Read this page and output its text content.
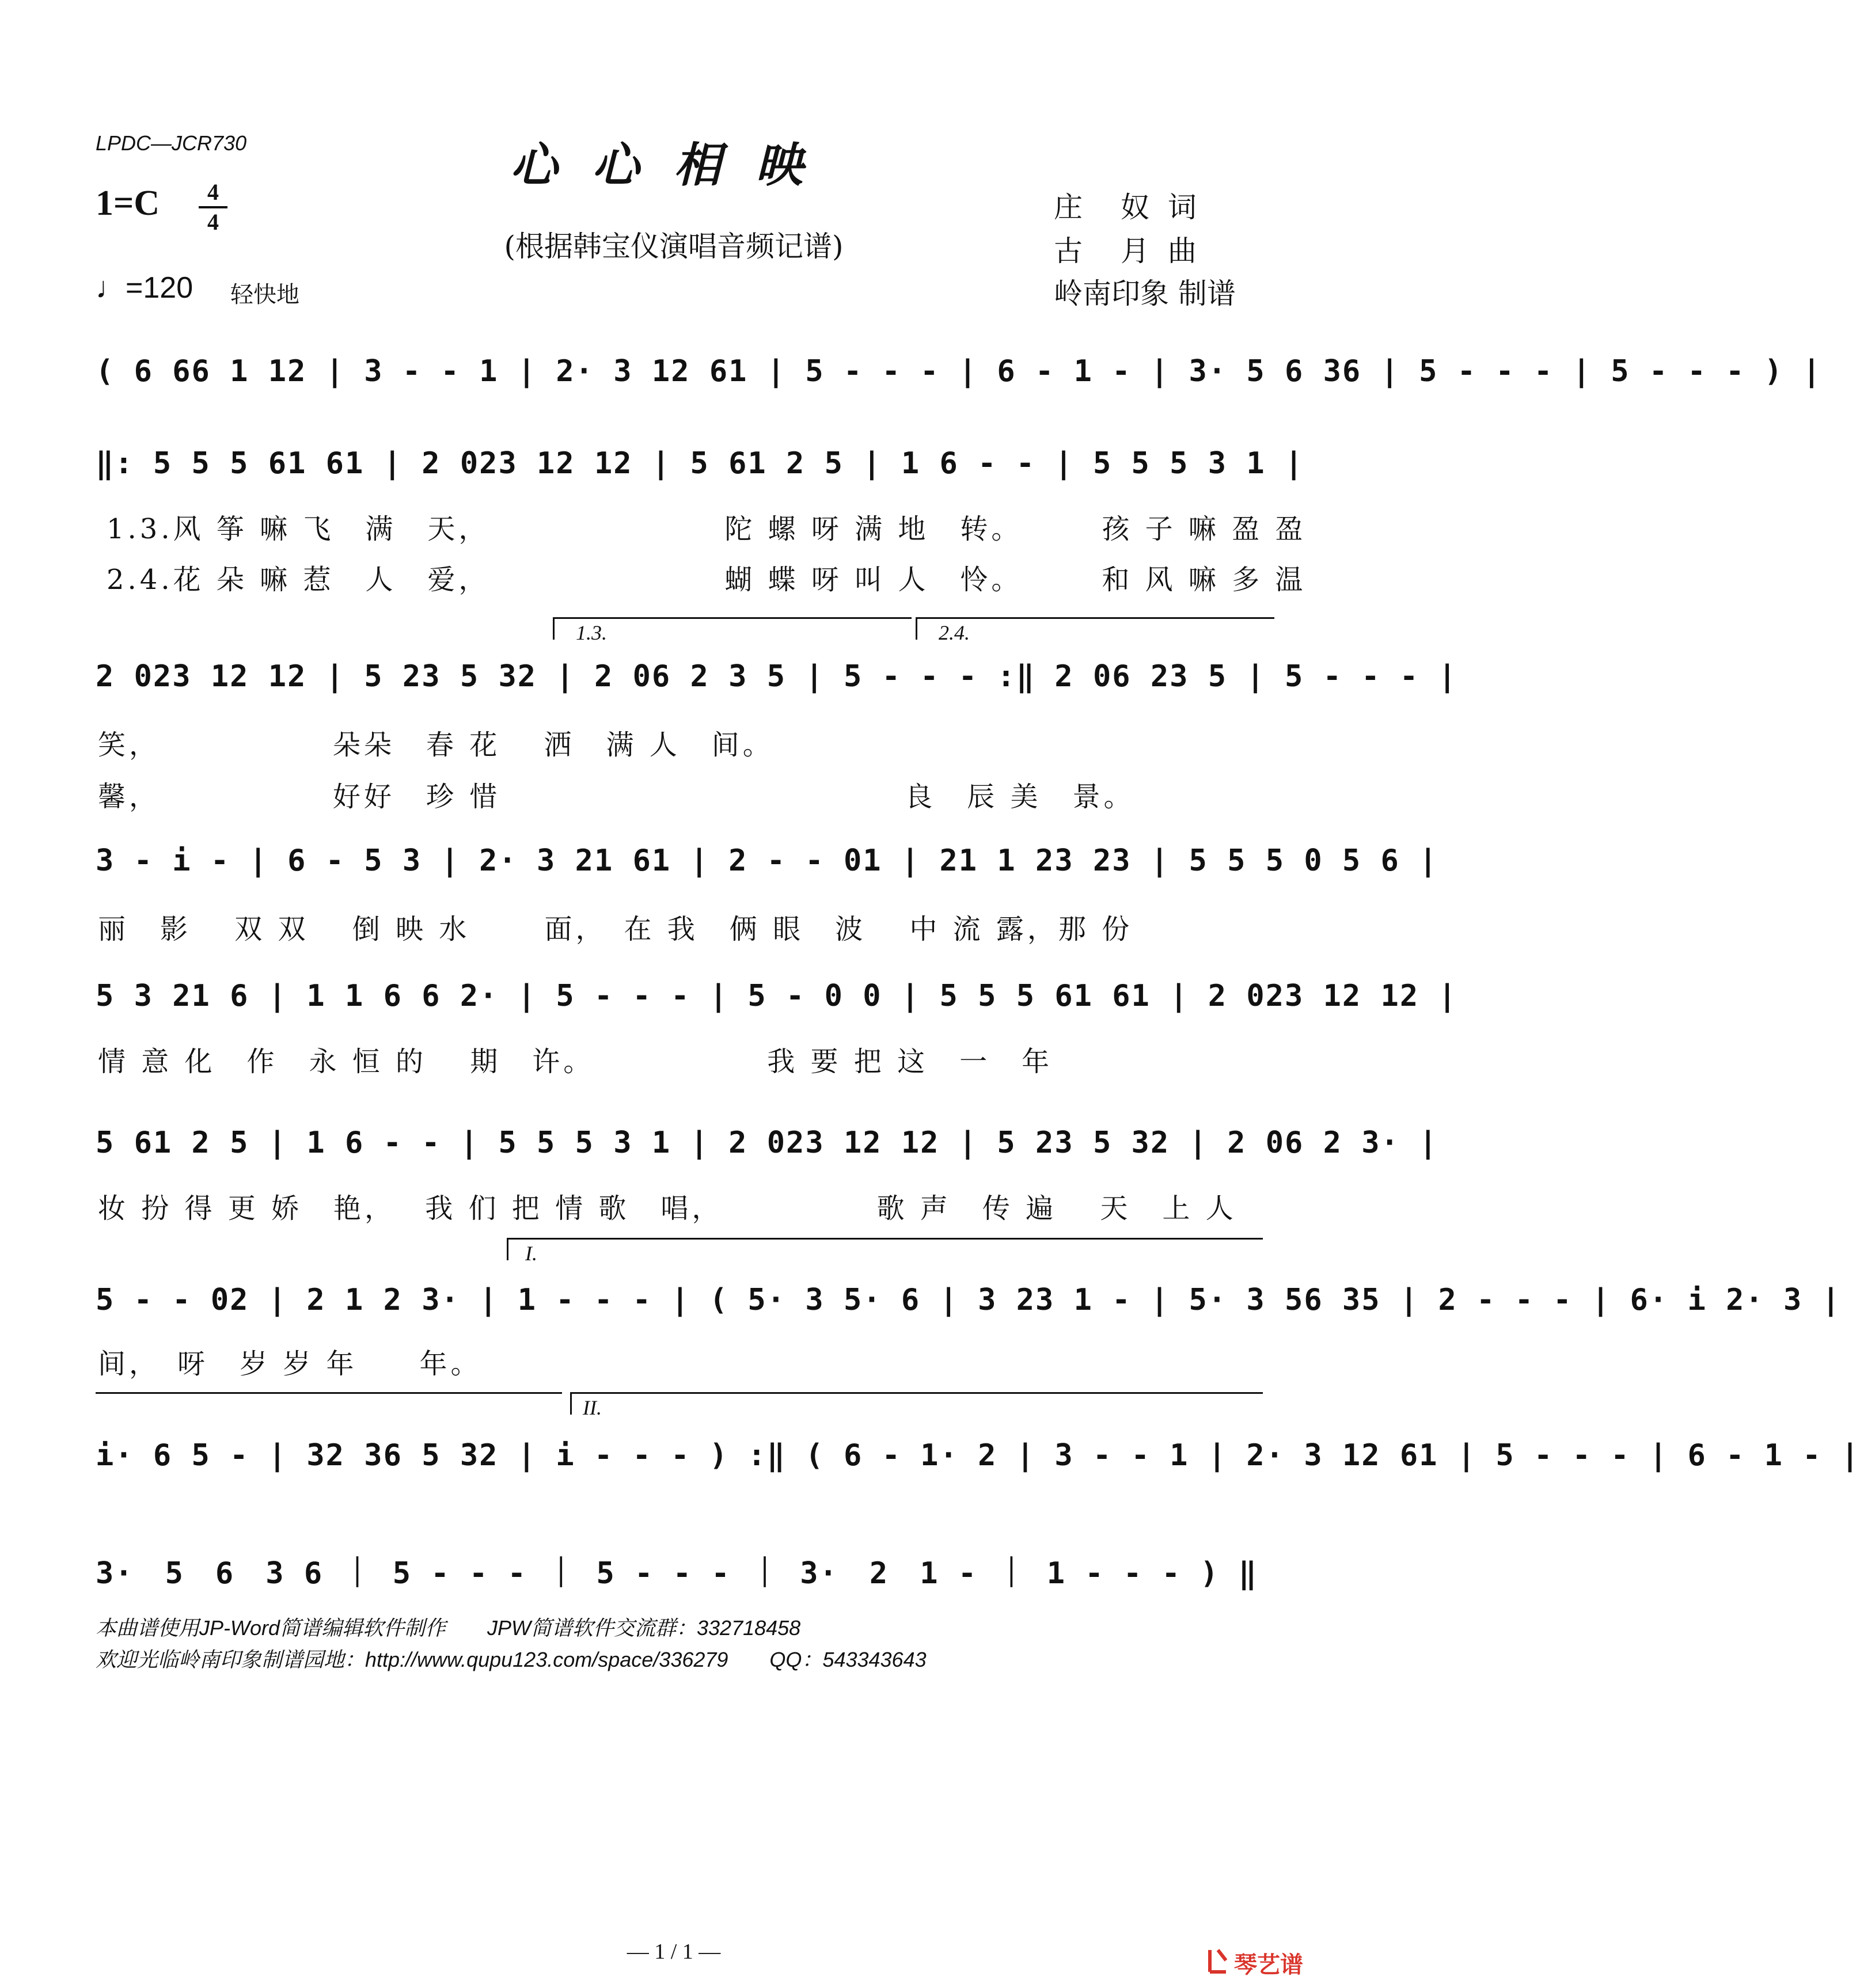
LPDC—JCR730	心心相映
(根据韩宝仪演唱音频记谱)
1=C	4
4
♩=120 轻快地
庄　奴 词
古　月 曲
岭南印象 制谱
( 6 66 1 12 | 3 - - 1 | 2· 3 12 61 | 5 - - - | 6 - 1 - | 3· 5 6 36 | 5 - - - | 5 - - - ) |
‖: 5 5 5 61 61 | 2 023 12 12 | 5 61 2 5 | 1 6 - - | 5 5 5 3 1 |
1.3.风 筝 嘛 飞　满　天，　　　　　　　　陀 螺 呀 满 地　转。　　　孩 子 嘛 盈 盈
2.4.花 朵 嘛 惹　人　爱，　　　　　　　　蝴 蝶 呀 叫 人　怜。　　　和 风 嘛 多 温
1.3.	2.4.
2 023 12 12 | 5 23 5 32 | 2 06 2 3 5 | 5 - - - :‖ 2 06 23 5 | 5 - - - |
笑，　　　　　　朵朵　春 花　 洒　满 人　间。
馨，　　　　　　好好　珍 惜　　　　　　　　　　　　　良　辰 美　景。
3 - i - | 6 - 5 3 | 2· 3 21 61 | 2 - - 01 | 21 1 23 23 | 5 5 5 0 5 6 |
丽　影　 双 双　 倒 映 水　　 面，　在 我　俩 眼　波　 中 流 露，那 份
5 3 21 6 | 1 1 6 6 2· | 5 - - - | 5 - 0 0 | 5 5 5 61 61 | 2 023 12 12 |
情 意 化　作　永 恒 的　 期　许。　　　　　　我 要 把 这　一　年
5 61 2 5 | 1 6 - - | 5 5 5 3 1 | 2 023 12 12 | 5 23 5 32 | 2 06 2 3· |
妆 扮 得 更 娇　艳，　 我 们 把 情 歌　唱，　　　　　 歌 声　传 遍　 天　上 人
I.
5 - - 02 | 2 1 2 3· | 1 - - - | ( 5· 3 5· 6 | 3 23 1 - | 5· 3 56 35 | 2 - - - | 6· i 2· 3 |
间，　呀　岁 岁 年　　年。
II.
i· 6 5 - | 32 36 5 32 | i - - - ) :‖ ( 6 - 1· 2 | 3 - - 1 | 2· 3 12 61 | 5 - - - | 6 - 1 - |
3·　5　6　3 6 ｜ 5 - - - ｜ 5 - - - ｜ 3·　2　1 - ｜ 1 - - - ) ‖
本曲谱使用JP-Word简谱编辑软件制作　　JPW简谱软件交流群：332718458
欢迎光临岭南印象制谱园地：http://www.qupu123.com/space/336279　　QQ：543343643
— 1 / 1 —	琴艺谱
